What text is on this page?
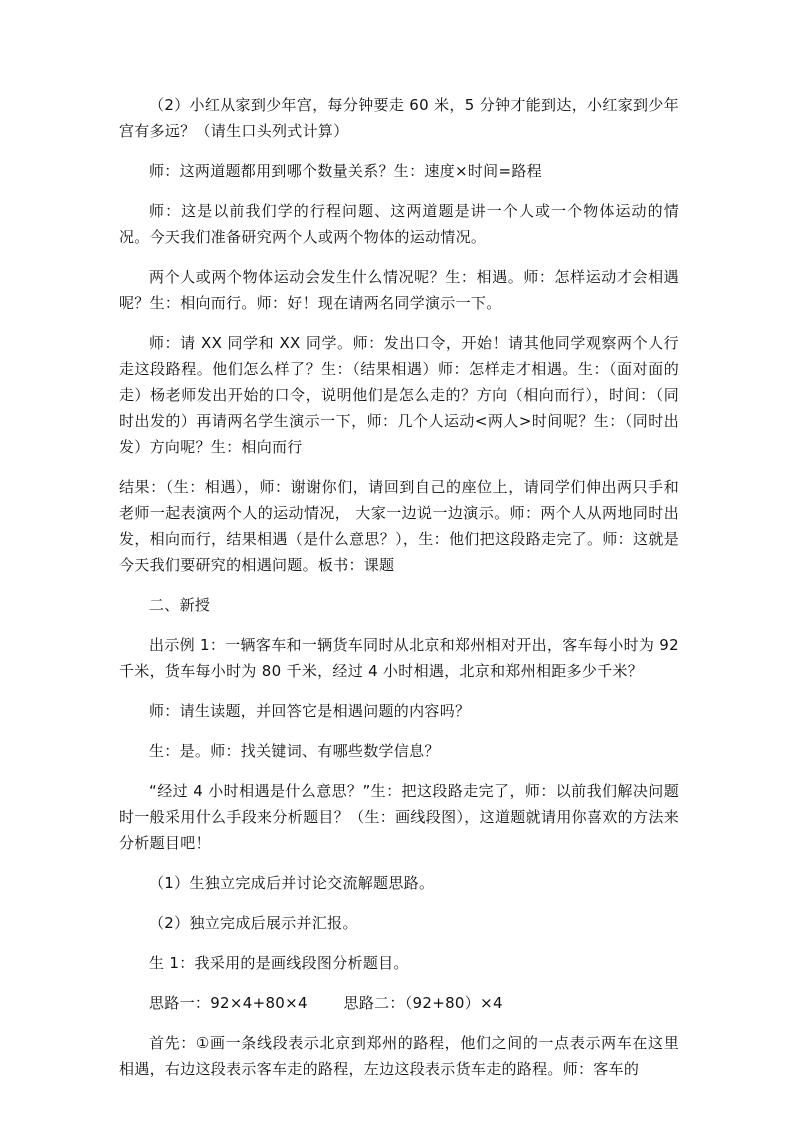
（2）小红从家到少年宫，每分钟要走 60 米，5 分钟才能到达，小红家到少年宫有多远？（请生口头列式计算）

师：这两道题都用到哪个数量关系？生：速度×时间=路程

师：这是以前我们学的行程问题、这两道题是讲一个人或一个物体运动的情况。今天我们准备研究两个人或两个物体的运动情况。

两个人或两个物体运动会发生什么情况呢？生：相遇。师：怎样运动才会相遇呢？生：相向而行。师：好！现在请两名同学演示一下。

师：请 XX 同学和 XX 同学。师：发出口令，开始！请其他同学观察两个人行走这段路程。他们怎么样了？生：（结果相遇）师：怎样走才相遇。生：（面对面的走）杨老师发出开始的口令，说明他们是怎么走的？方向（相向而行），时间：（同时出发的）再请两名学生演示一下，师：几个人运动<两人>时间呢？生：（同时出发）方向呢？生：相向而行

结果：（生：相遇），师：谢谢你们，请回到自己的座位上，请同学们伸出两只手和老师一起表演两个人的运动情况， 大家一边说一边演示。师：两个人从两地同时出发，相向而行，结果相遇（是什么意思？），生：他们把这段路走完了。师：这就是今天我们要研究的相遇问题。板书：课题

二、新授

出示例 1：一辆客车和一辆货车同时从北京和郑州相对开出，客车每小时为 92 千米，货车每小时为 80 千米，经过 4 小时相遇，北京和郑州相距多少千米？

师：请生读题，并回答它是相遇问题的内容吗？

生：是。师：找关键词、有哪些数学信息？

“经过 4 小时相遇是什么意思？”生：把这段路走完了，师：以前我们解决问题时一般采用什么手段来分析题目？（生：画线段图），这道题就请用你喜欢的方法来分析题目吧！

（1）生独立完成后并讨论交流解题思路。

（2）独立完成后展示并汇报。

生 1：我采用的是画线段图分析题目。

思路一：92×4+80×4 　　思路二：（92+80）×4

首先：①画一条线段表示北京到郑州的路程，他们之间的一点表示两车在这里相遇，右边这段表示客车走的路程，左边这段表示货车走的路程。师：客车的
